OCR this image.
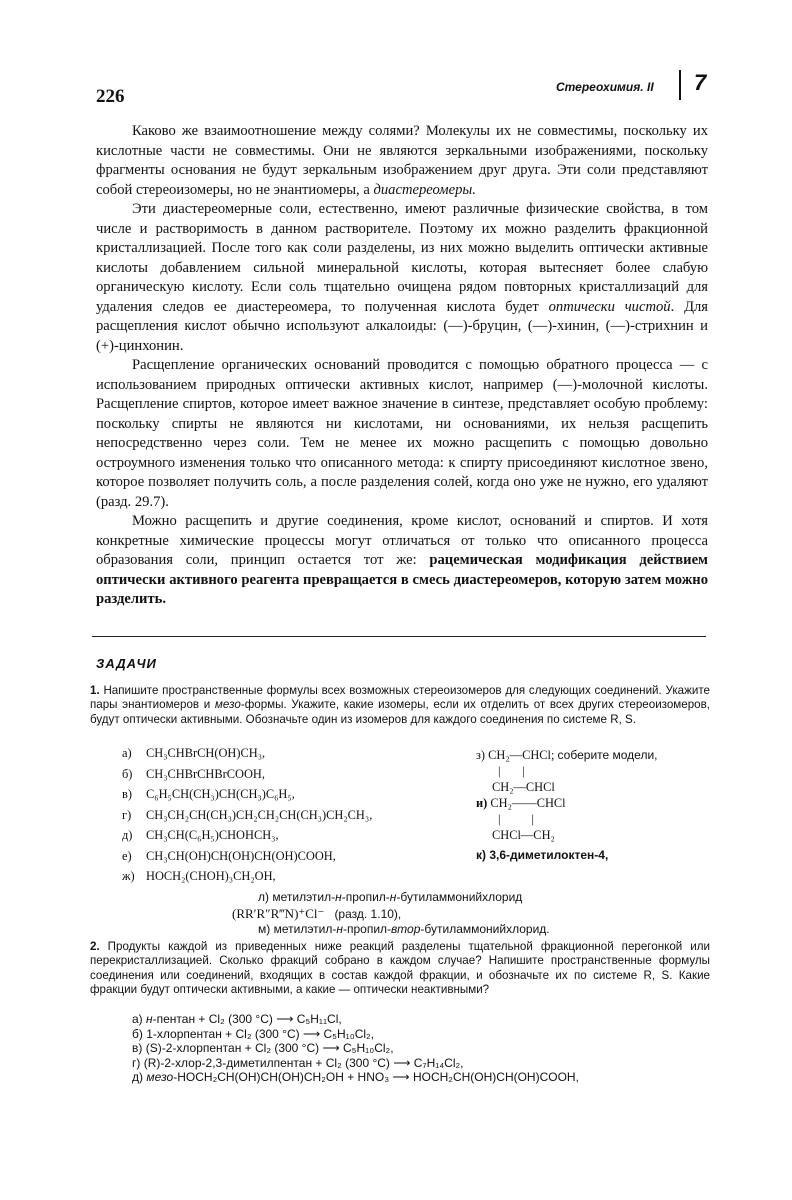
226	Стереохимия. II 7

Каково же взаимоотношение между солями? Молекулы их не совместимы, поскольку их кислотные части не совместимы. Они не являются зеркальными изображениями, поскольку фрагменты основания не будут зеркальным изображением друг друга. Эти соли представляют собой стереоизомеры, но не энантиомеры, а диастереомеры.

Эти диастереомерные соли, естественно, имеют различные физические свойства, в том числе и растворимость в данном растворителе. Поэтому их можно разделить фракционной кристаллизацией. После того как соли разделены, из них можно выделить оптически активные кислоты добавлением сильной минеральной кислоты, которая вытесняет более слабую органическую кислоту. Если соль тщательно очищена рядом повторных кристаллизаций для удаления следов ее диастереомера, то полученная кислота будет оптически чистой. Для расщепления кислот обычно используют алкалоиды: (—)-бруцин, (—)-хинин, (—)-стрихнин и (+)-цинхонин.

Расщепление органических оснований проводится с помощью обратного процесса — с использованием природных оптически активных кислот, например (—)-молочной кислоты. Расщепление спиртов, которое имеет важное значение в синтезе, представляет особую проблему: поскольку спирты не являются ни кислотами, ни основаниями, их нельзя расщепить непосредственно через соли. Тем не менее их можно расщепить с помощью довольно остроумного изменения только что описанного метода: к спирту присоединяют кислотное звено, которое позволяет получить соль, а после разделения солей, когда оно уже не нужно, его удаляют (разд. 29.7).

Можно расщепить и другие соединения, кроме кислот, оснований и спиртов. И хотя конкретные химические процессы могут отличаться от только что описанного процесса образования соли, принцип остается тот же: рацемическая модификация действием оптически активного реагента превращается в смесь диастереомеров, которую затем можно разделить.

ЗАДАЧИ
1. Напишите пространственные формулы всех возможных стереоизомеров для следующих соединений. Укажите пары энантиомеров и мезо-формы. Укажите, какие изомеры, если их отделить от всех других стереоизомеров, будут оптически активными. Обозначьте один из изомеров для каждого соединения по системе R, S.
а) CH₃CHBrCH(OH)CH₃,
б) CH₃CHBrCHBrCOOH,
в) C₆H₅CH(CH₃)CH(CH₃)C₆H₅,
г) CH₃CH₂CH(CH₃)CH₂CH₂CH(CH₃)CH₂CH₃,
д) CH₃CH(C₆H₅)CHOHCH₃,
е) CH₃CH(OH)CH(OH)CH(OH)COOH,
ж) HOCH₂(CHOH)₃CH₂OH,
з) CH₂—CHCl; соберите модели,
|       |
CH₂—CHCl
и) CH₂——CHCl
|          |
CHCl—CH₂
к) 3,6-диметилоктен-4,
л) метилэтил-н-пропил-н-бутиламмонийхлорид
(RR′R″R‴N)⁺Cl⁻ (разд. 1.10),
м) метилэтил-н-пропил-втор-бутиламмонийхлорид.
2. Продукты каждой из приведенных ниже реакций разделены тщательной фракционной перегонкой или перекристаллизацией. Сколько фракций собрано в каждом случае? Напишите пространственные формулы соединения или соединений, входящих в состав каждой фракции, и обозначьте их по системе R, S. Какие фракции будут оптически активными, а какие — оптически неактивными?
а) н-пентан + Cl₂ (300 °C) ⟶ C₅H₁₁Cl,
б) 1-хлорпентан + Cl₂ (300 °C) ⟶ C₅H₁₀Cl₂,
в) (S)-2-хлорпентан + Cl₂ (300 °C) ⟶ C₅H₁₀Cl₂,
г) (R)-2-хлор-2,3-диметилпентан + Cl₂ (300 °C) ⟶ C₇H₁₄Cl₂,
д) мезо-HOCH₂CH(OH)CH(OH)CH₂OH + HNO₃ ⟶ HOCH₂CH(OH)CH(OH)COOH,
